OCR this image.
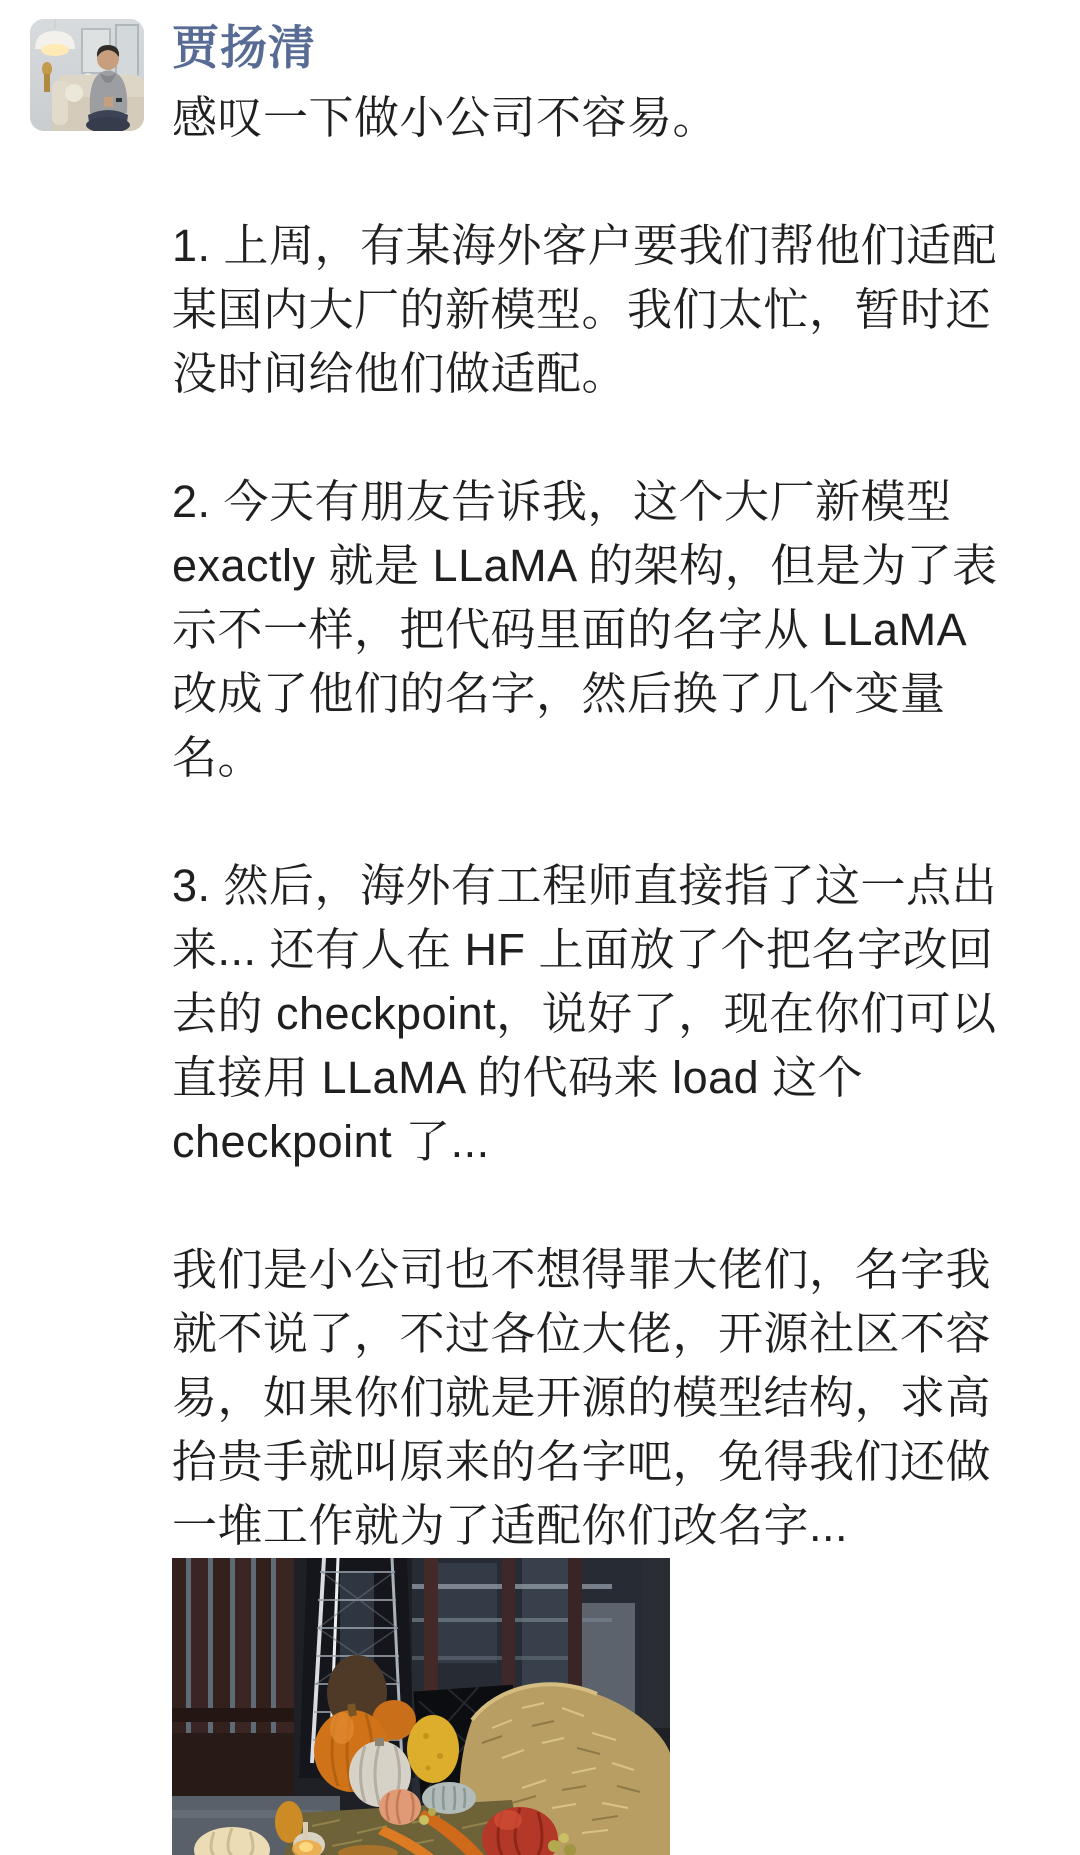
贾扬清
感叹一下做小公司不容易。
1. 上周，有某海外客户要我们帮他们适配
某国内大厂的新模型。我们太忙，暂时还
没时间给他们做适配。
2. 今天有朋友告诉我，这个大厂新模型
exactly 就是 LLaMA 的架构，但是为了表
示不一样，把代码里面的名字从 LLaMA
改成了他们的名字，然后换了几个变量
名。
3. 然后，海外有工程师直接指了这一点出
来... 还有人在 HF 上面放了个把名字改回
去的 checkpoint，说好了，现在你们可以
直接用 LLaMA 的代码来 load 这个
checkpoint 了...
我们是小公司也不想得罪大佬们，名字我
就不说了，不过各位大佬，开源社区不容
易，如果你们就是开源的模型结构，求高
抬贵手就叫原来的名字吧，免得我们还做
一堆工作就为了适配你们改名字...
